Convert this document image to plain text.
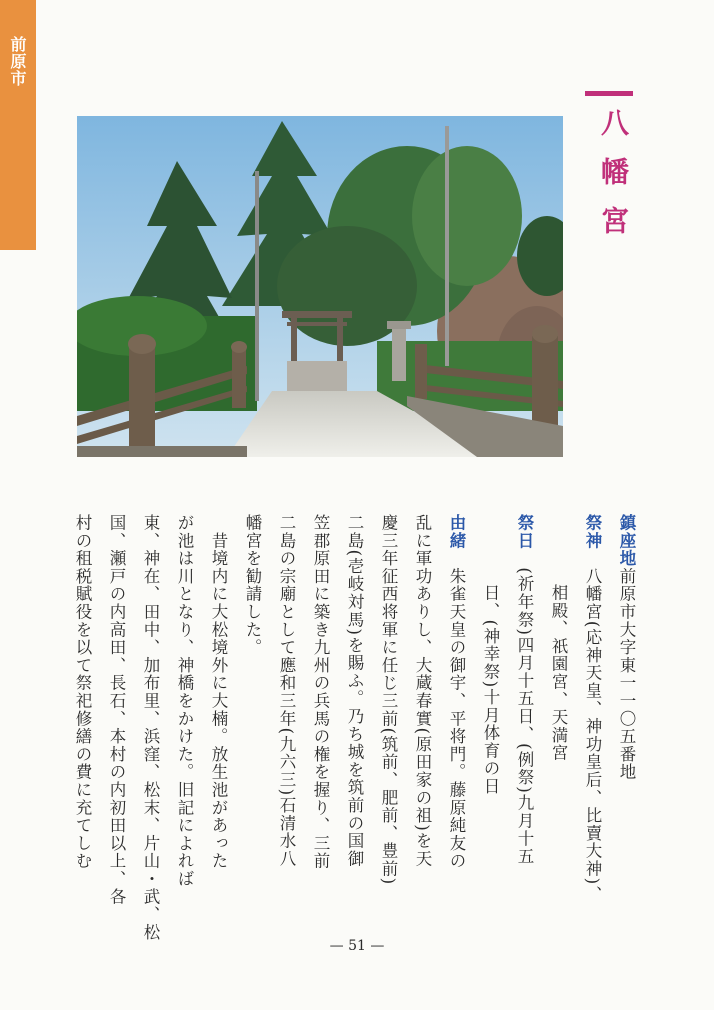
前原市
八幡宮
鎮座地前原市大字東一一〇五番地
祭神　八幡宮(応神天皇、神功皇后、比賣大神)、
相殿、祇園宮、天満宮
祭日　(祈年祭)四月十五日、(例祭)九月十五
日、(神幸祭)十月体育の日
由緒　朱雀天皇の御宇、平将門。藤原純友の
乱に軍功ありし、大蔵春實(原田家の祖)を天
慶三年征西将軍に任じ三前(筑前、肥前、豊前)
二島(壱岐対馬)を賜ふ。乃ち城を筑前の国御
笠郡原田に築き九州の兵馬の権を握り、三前
二島の宗廟として應和三年(九六三)石清水八
幡宮を勧請した。
　昔境内に大松境外に大楠。放生池があった
が池は川となり、神橋をかけた。旧記によれば
東、神在、田中、加布里、浜窪、松末、片山・武、松
国、瀬戸の内高田、長石、本村の内初田以上、各
村の租税賦役を以て祭祀修繕の費に充てしむ
— 51 —
